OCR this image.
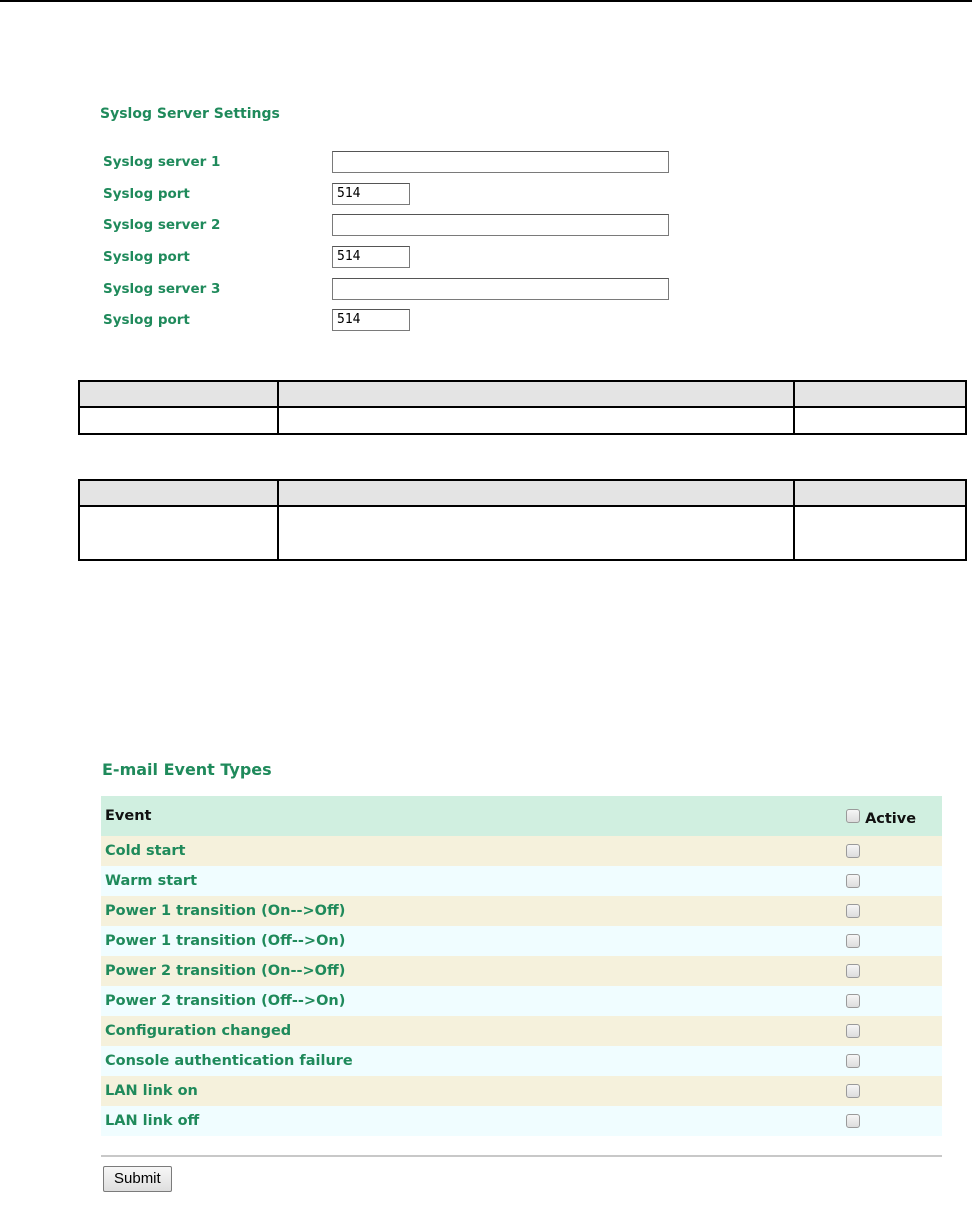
Syslog Server Settings
Syslog server 1
Syslog port	514
Syslog server 2
Syslog port	514
Syslog server 3
Syslog port	514

E-mail Event Types
Event	Active
Cold start	
Warm start	
Power 1 transition (On-->Off)	
Power 1 transition (Off-->On)	
Power 2 transition (On-->Off)	
Power 2 transition (Off-->On)	
Configuration changed	
Console authentication failure	
LAN link on	
LAN link off	
Submit
